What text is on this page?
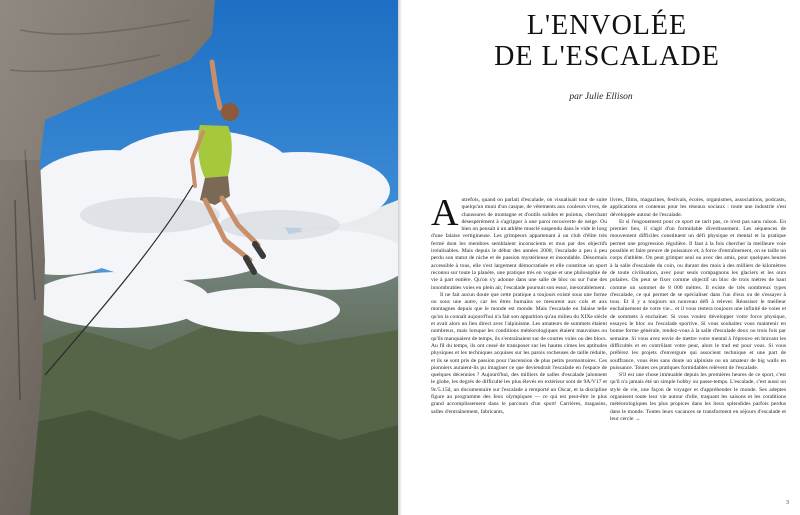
L'ENVOLÉE
DE L'ESCALADE
par Julie Ellison

Autrefois, quand on parlait d'escalade, on visualisait tout de suite quelqu'un muni d'un casque, de vêtements aux couleurs vives, de chaussures de montagne et d'outils solides et pointus, cherchant désespérément à s'agripper à une paroi recouverte de neige. Ou bien on pensait à un athlète musclé suspendu dans le vide le long d'une falaise vertigineuse. Les grimpeurs appartenant à un club d'élite très fermé dont les membres semblaient inconscients et mus par des objectifs irréalisables. Mais depuis le début des années 2000, l'escalade a peu à peu perdu son statut de niche et de passion mystérieuse et insondable. Désormais accessible à tous, elle s'est largement démocratisée et elle constitue un sport reconnu sur toute la planète, une pratique très en vogue et une philosophie de vie à part entière. Qu'on s'y adonne dans une salle de bloc ou sur l'une des innombrables voies en plein air, l'escalade poursuit son essor, inexorablement.

Il ne fait aucun doute que cette pratique a toujours existé sous une forme ou sous une autre, car les êtres humains se mesurent aux cols et aux montagnes depuis que le monde est monde. Mais l'escalade en falaise telle qu'on la connaît aujourd'hui n'a fait son apparition qu'au milieu du XIXe siècle et avait alors un lien direct avec l'alpinisme. Les amateurs de sommets étaient nombreux, mais lorsque les conditions météorologiques étaient mauvaises ou qu'ils manquaient de temps, ils s'entraînaient sur de courtes voies ou des blocs. Au fil du temps, ils ont cessé de transposer sur les hautes cimes les aptitudes physiques et les techniques acquises sur les parois rocheuses de taille réduite, et ils se sont pris de passion pour l'ascension de plus petits promontoires. Ces pionniers auraient-ils pu imaginer ce que deviendrait l'escalade en l'espace de quelques décennies ? Aujourd'hui, des milliers de salles d'escalade jalonnent le globe, les degrés de difficulté les plus élevés en extérieur sont de 9A/V17 et 9c/5.15d, un documentaire sur l'escalade a remporté un Oscar, et la discipline figure au programme des Jeux olympiques — ce qui est peut-être le plus grand accomplissement dans le parcours d'un sport! Carrières, magasins, salles d'entraînement, fabricants,

livres, films, magazines, festivals, écoles, organismes, associations, podcasts, applications et contenus pour les réseaux sociaux : toute une industrie s'est développée autour de l'escalade.

Et si l'engouement pour ce sport ne tarit pas, ce n'est pas sans raison. En premier lieu, il s'agit d'un formidable divertissement. Les séquences de mouvement difficiles constituent un défi physique et mental et la pratique permet une progression régulière. Il faut à la fois chercher la meilleure voie possible et faire preuve de puissance et, à force d'entraînement, on se taille un corps d'athlète. On peut grimper seul ou avec des amis, pour quelques heures à la salle d'escalade du coin, ou durant des mois à des milliers de kilomètres de toute civilisation, avec pour seuls compagnons les glaciers et les ours polaires. On peut se fixer comme objectif un bloc de trois mètres de haut comme un sommet de 8 000 mètres. Il existe de très nombreux types d'escalade, ce qui permet de se spécialiser dans l'un d'eux ou de s'essayer à tous. Et il y a toujours un nouveau défi à relever. Réussiser le meilleur enchaînement de votre vie... et il vous restera toujours une infinité de voies et de sommets à enchaîner. Si vous voulez développer votre force physique, essayez le bloc ou l'escalade sportive. Si vous souhaitez vous maintenir en bonne forme générale, rendez-vous à la salle d'escalade deux ou trois fois par semaine. Si vous avez envie de mettre votre mental à l'épreuve en bravant les difficultés et en contrôlant votre peur, alors le trad est pour vous. Si vous préférez les projets d'envergure qui associent technique et une part de souffrance, vous êtes sans doute un alpiniste ou un amateur de big walls en puissance. Toutes ces pratiques formidables relèvent de l'escalade.

S'il est une chose immuable depuis les premières heures de ce sport, c'est qu'il n'a jamais été un simple hobby ou passe-temps. L'escalade, c'est aussi un style de vie, une façon de voyager et d'appréhender le monde. Ses adeptes organisent toute leur vie autour d'elle, traquant les saisons et les conditions météorologiques les plus propices dans les lieux splendides parfois perdus dans le monde. Toutes leurs vacances se transforment en séjours d'escalade et leur cercle →

3
